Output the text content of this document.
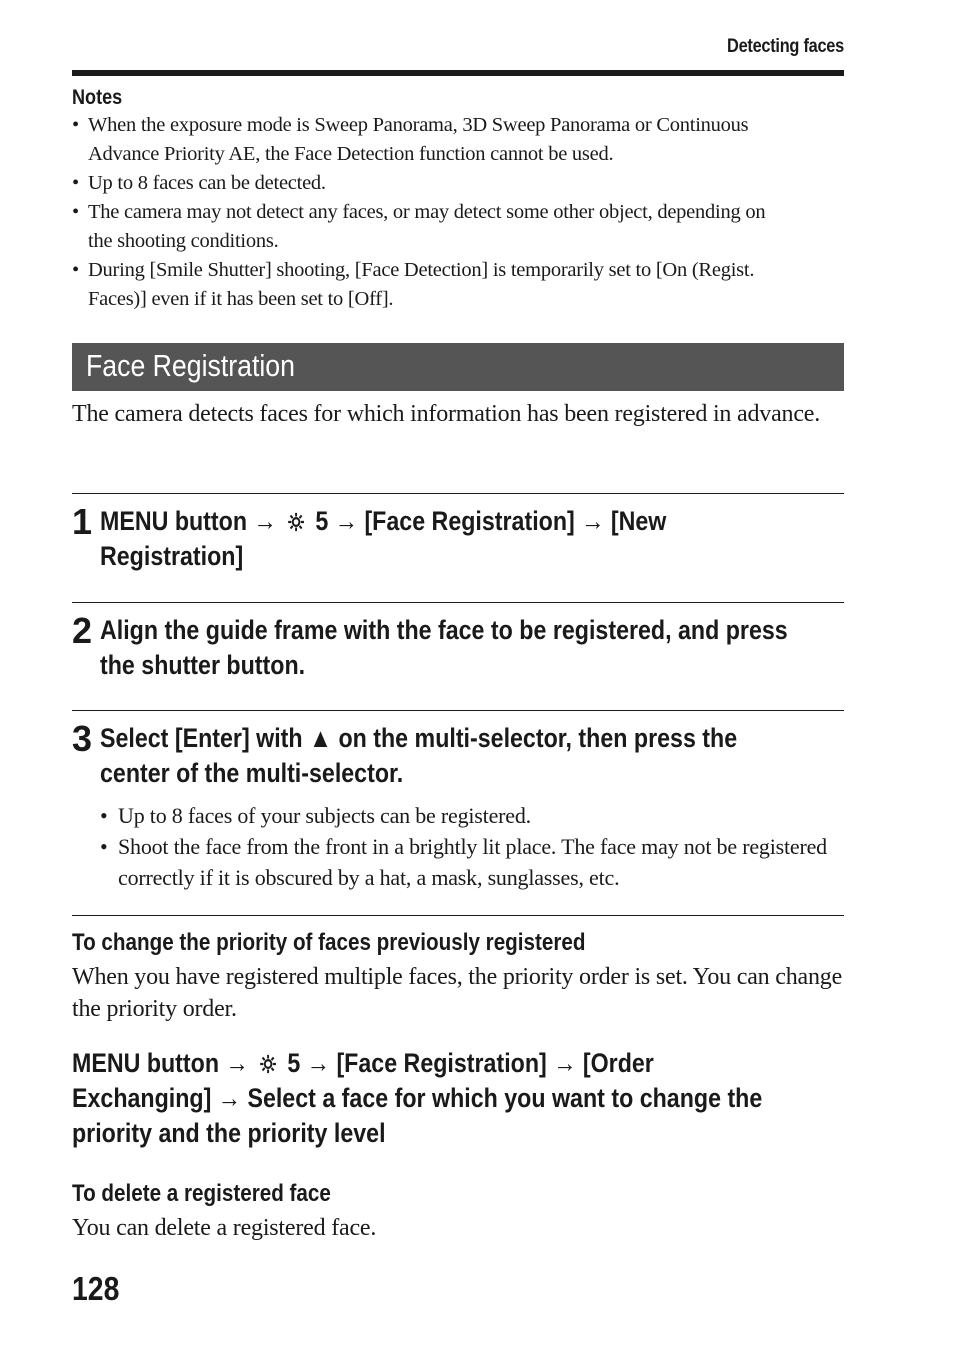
Detecting faces
Notes
• When the exposure mode is Sweep Panorama, 3D Sweep Panorama or Continuous
Advance Priority AE, the Face Detection function cannot be used.
• Up to 8 faces can be detected.
• The camera may not detect any faces, or may detect some other object, depending on
the shooting conditions.
• During [Smile Shutter] shooting, [Face Detection] is temporarily set to [On (Regist.
Faces)] even if it has been set to [Off].
Face Registration

The camera detects faces for which information has been registered in advance.

1 MENU button → 5 → [Face Registration] → [New
Registration]
2 Align the guide frame with the face to be registered, and press
the shutter button.
3 Select [Enter] with ▲ on the multi-selector, then press the
center of the multi-selector.
• Up to 8 faces of your subjects can be registered.
• Shoot the face from the front in a brightly lit place. The face may not be registered correctly if it is obscured by a hat, a mask, sunglasses, etc.
To change the priority of faces previously registered

When you have registered multiple faces, the priority order is set. You can change the priority order.

MENU button → 5 → [Face Registration] → [Order
Exchanging] → Select a face for which you want to change the
priority and the priority level
To delete a registered face

You can delete a registered face.

128
